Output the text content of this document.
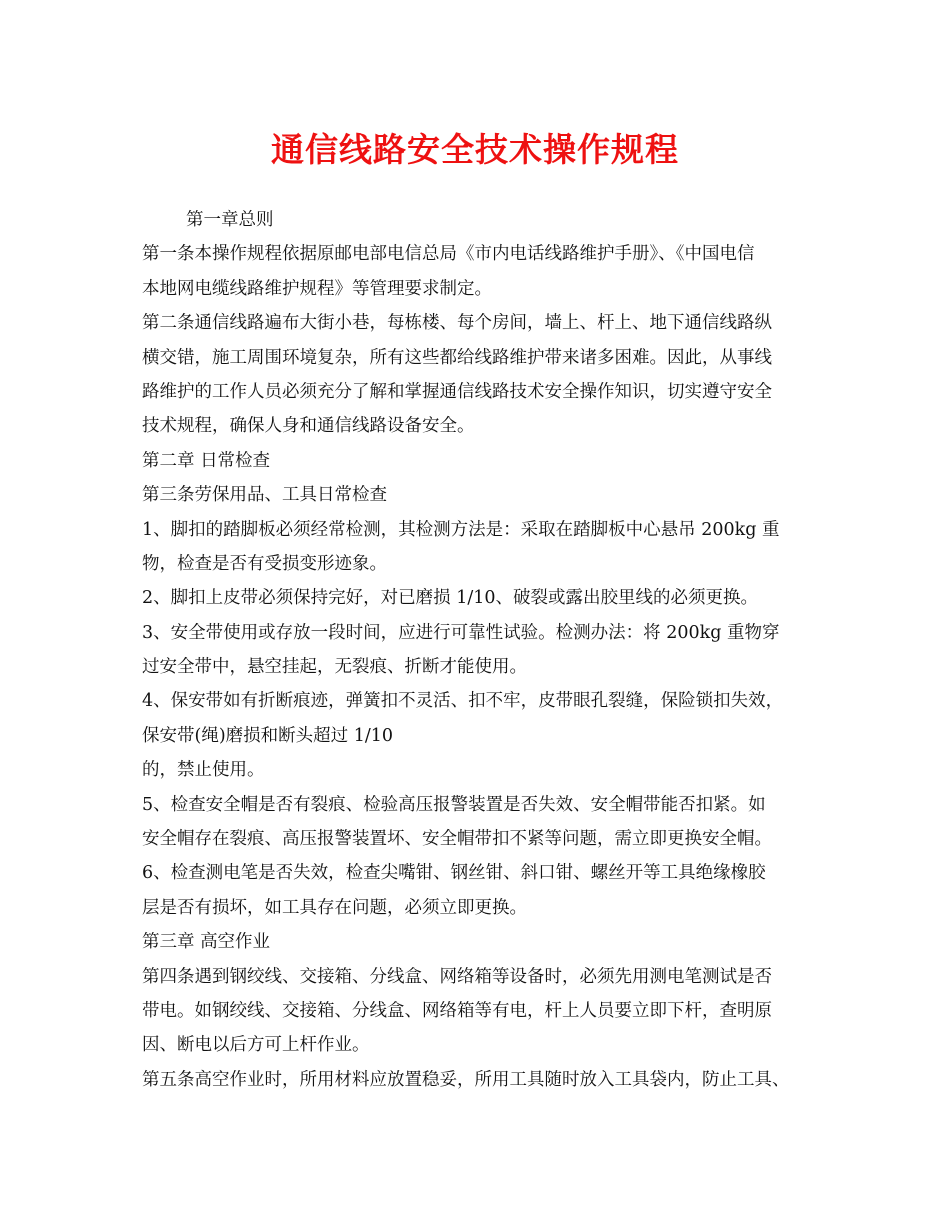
通信线路安全技术操作规程
第一章总则
第一条本操作规程依据原邮电部电信总局《市内电话线路维护手册》、《中国电信
本地网电缆线路维护规程》等管理要求制定。
第二条通信线路遍布大街小巷，每栋楼、每个房间，墙上、杆上、地下通信线路纵
横交错，施工周围环境复杂，所有这些都给线路维护带来诸多困难。因此，从事线
路维护的工作人员必须充分了解和掌握通信线路技术安全操作知识，切实遵守安全
技术规程，确保人身和通信线路设备安全。
第二章 日常检查
第三条劳保用品、工具日常检查
1、脚扣的踏脚板必须经常检测，其检测方法是：采取在踏脚板中心悬吊 200kg 重
物，检查是否有受损变形迹象。
2、脚扣上皮带必须保持完好，对已磨损 1/10、破裂或露出胶里线的必须更换。
3、安全带使用或存放一段时间，应进行可靠性试验。检测办法：将 200kg 重物穿
过安全带中，悬空挂起，无裂痕、折断才能使用。
4、保安带如有折断痕迹，弹簧扣不灵活、扣不牢，皮带眼孔裂缝，保险锁扣失效，
保安带(绳)磨损和断头超过 1/10
的，禁止使用。
5、检查安全帽是否有裂痕、检验高压报警装置是否失效、安全帽带能否扣紧。如
安全帽存在裂痕、高压报警装置坏、安全帽带扣不紧等问题，需立即更换安全帽。
6、检查测电笔是否失效，检查尖嘴钳、钢丝钳、斜口钳、螺丝开等工具绝缘橡胶
层是否有损坏，如工具存在问题，必须立即更换。
第三章 高空作业
第四条遇到钢绞线、交接箱、分线盒、网络箱等设备时，必须先用测电笔测试是否
带电。如钢绞线、交接箱、分线盒、网络箱等有电，杆上人员要立即下杆，查明原
因、断电以后方可上杆作业。
第五条高空作业时，所用材料应放置稳妥，所用工具随时放入工具袋内，防止工具、
